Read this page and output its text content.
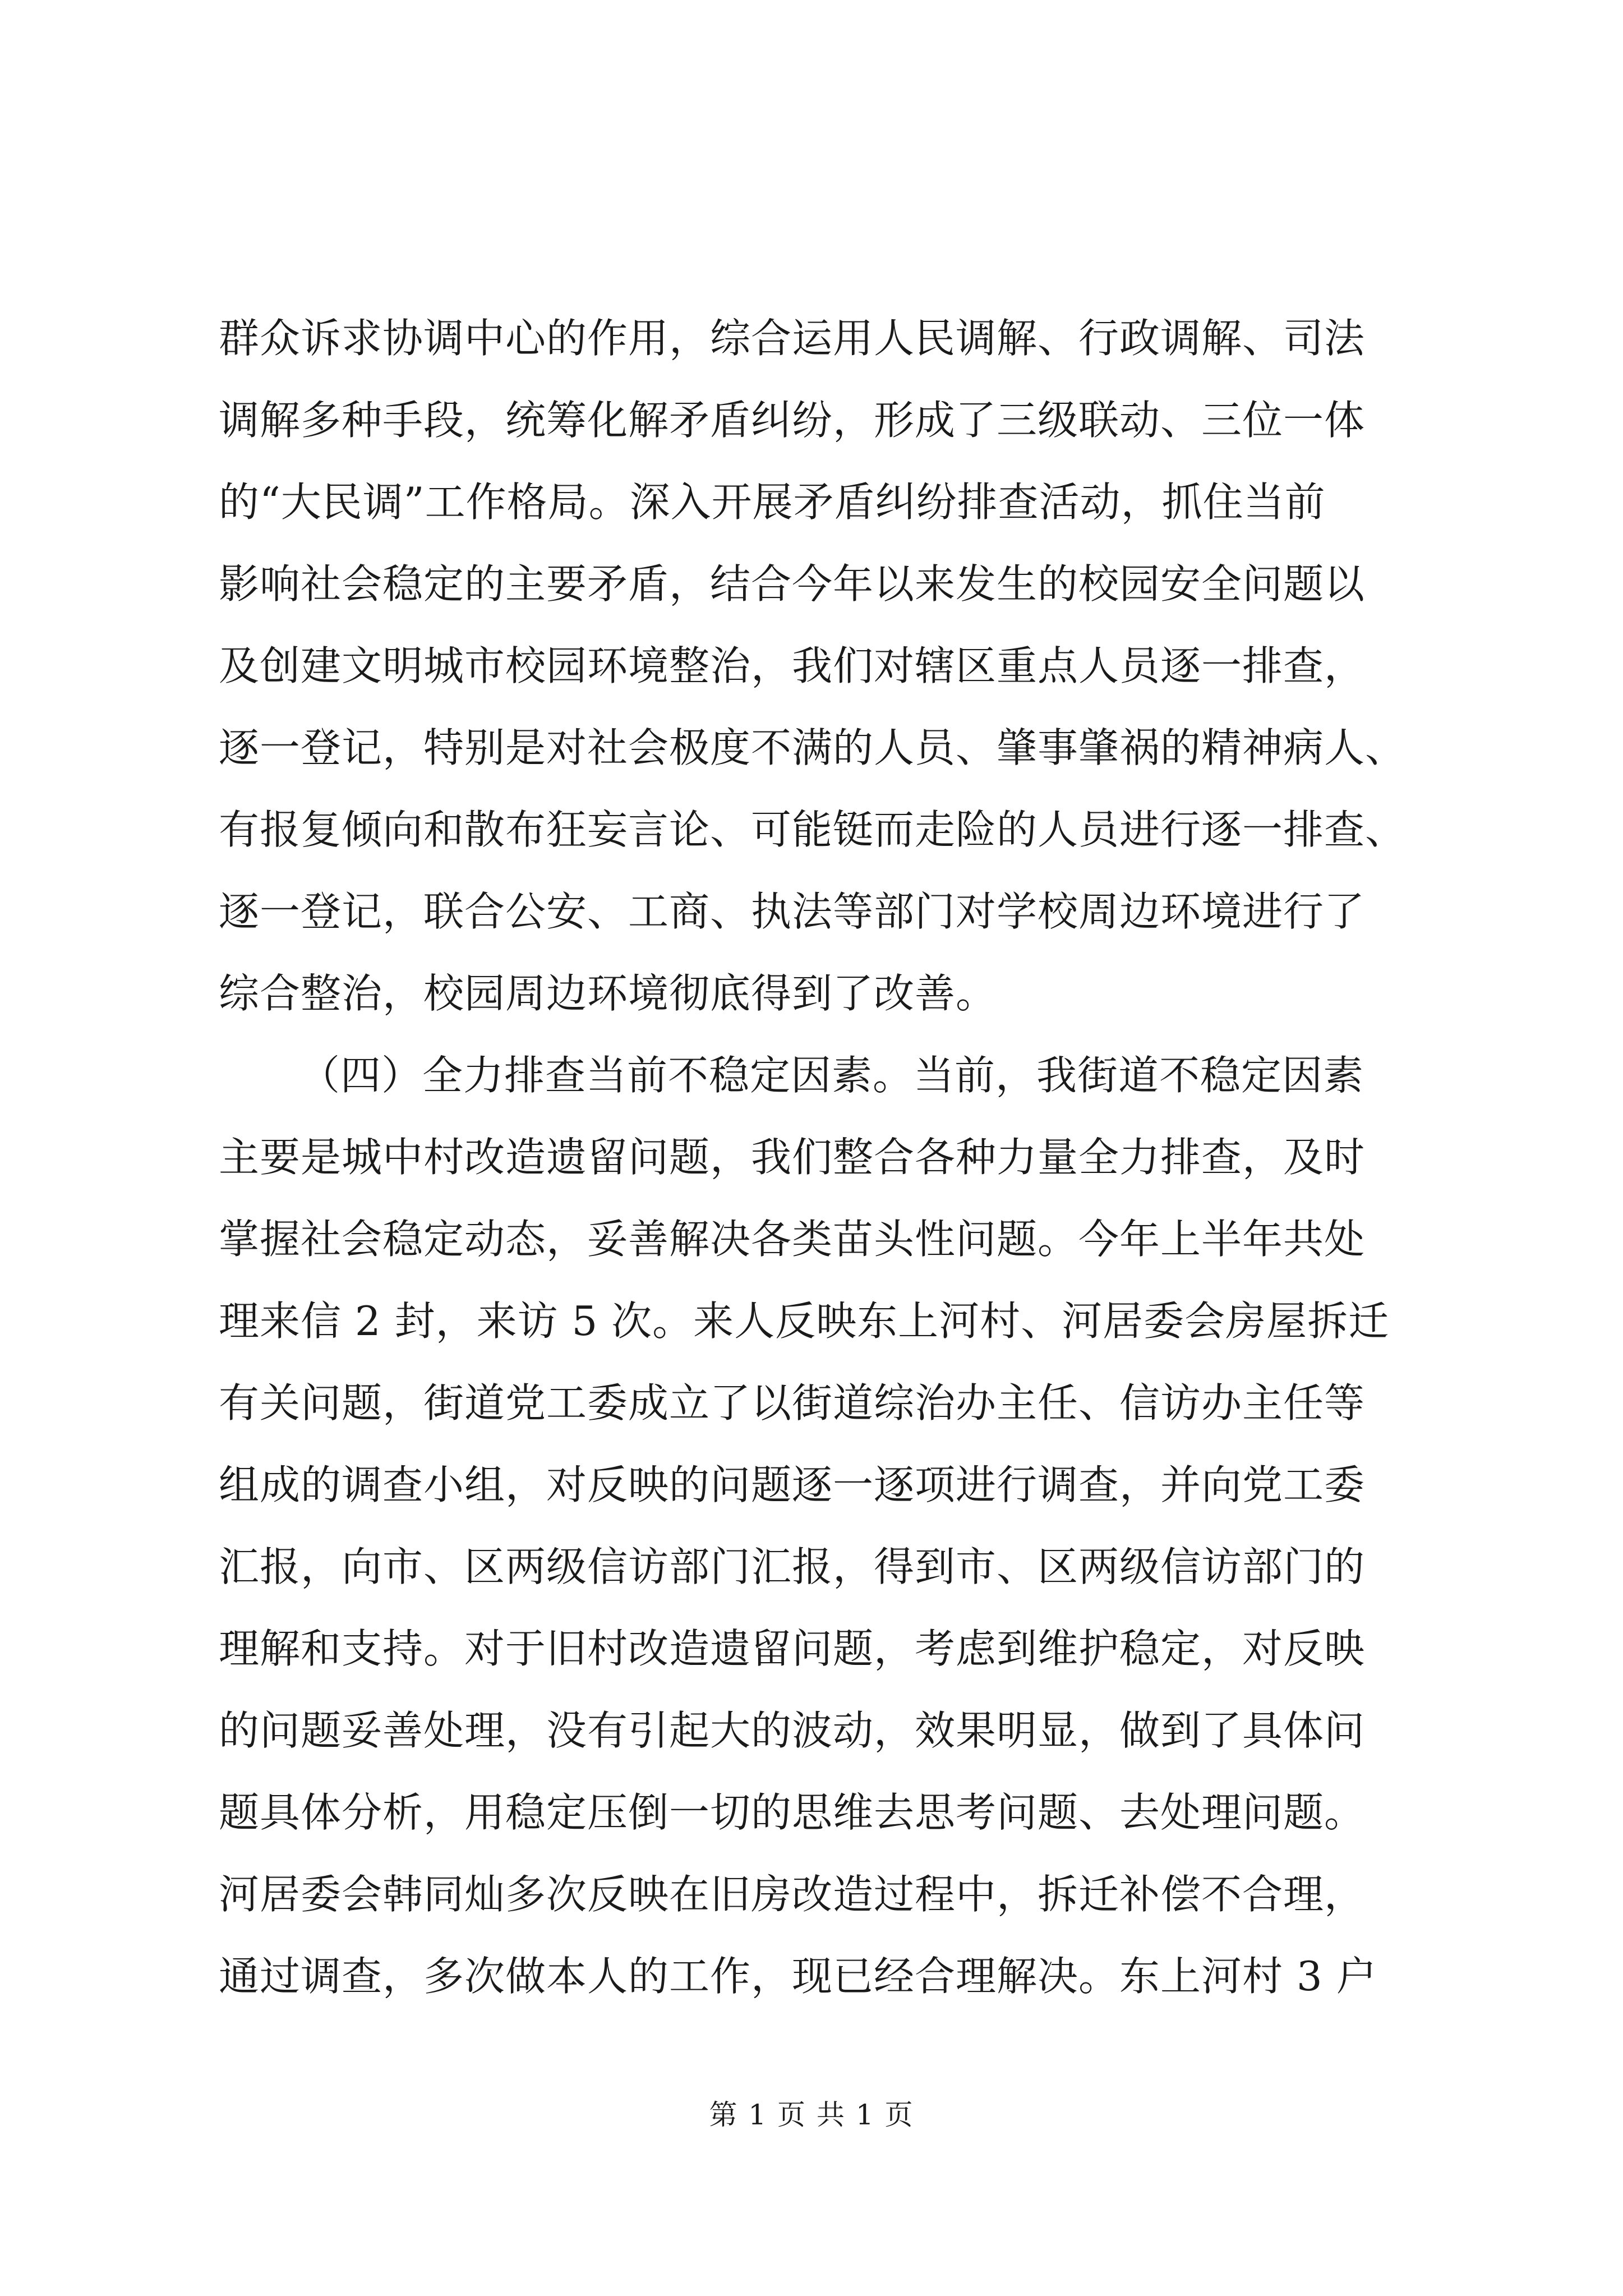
群众诉求协调中心的作用，综合运用人民调解、行政调解、司法
调解多种手段，统筹化解矛盾纠纷，形成了三级联动、三位一体
的“大民调”工作格局。深入开展矛盾纠纷排查活动，抓住当前
影响社会稳定的主要矛盾，结合今年以来发生的校园安全问题以
及创建文明城市校园环境整治，我们对辖区重点人员逐一排查，
逐一登记，特别是对社会极度不满的人员、肇事肇祸的精神病人、
有报复倾向和散布狂妄言论、可能铤而走险的人员进行逐一排查、
逐一登记，联合公安、工商、执法等部门对学校周边环境进行了
综合整治，校园周边环境彻底得到了改善。
（四）全力排查当前不稳定因素。当前，我街道不稳定因素
主要是城中村改造遗留问题，我们整合各种力量全力排查，及时
掌握社会稳定动态，妥善解决各类苗头性问题。今年上半年共处
理来信 2 封，来访 5 次。来人反映东上河村、河居委会房屋拆迁
有关问题，街道党工委成立了以街道综治办主任、信访办主任等
组成的调查小组，对反映的问题逐一逐项进行调查，并向党工委
汇报，向市、区两级信访部门汇报，得到市、区两级信访部门的
理解和支持。对于旧村改造遗留问题，考虑到维护稳定，对反映
的问题妥善处理，没有引起大的波动，效果明显，做到了具体问
题具体分析，用稳定压倒一切的思维去思考问题、去处理问题。
河居委会韩同灿多次反映在旧房改造过程中，拆迁补偿不合理，
通过调查，多次做本人的工作，现已经合理解决。东上河村 3 户
第 1 页 共 1 页
